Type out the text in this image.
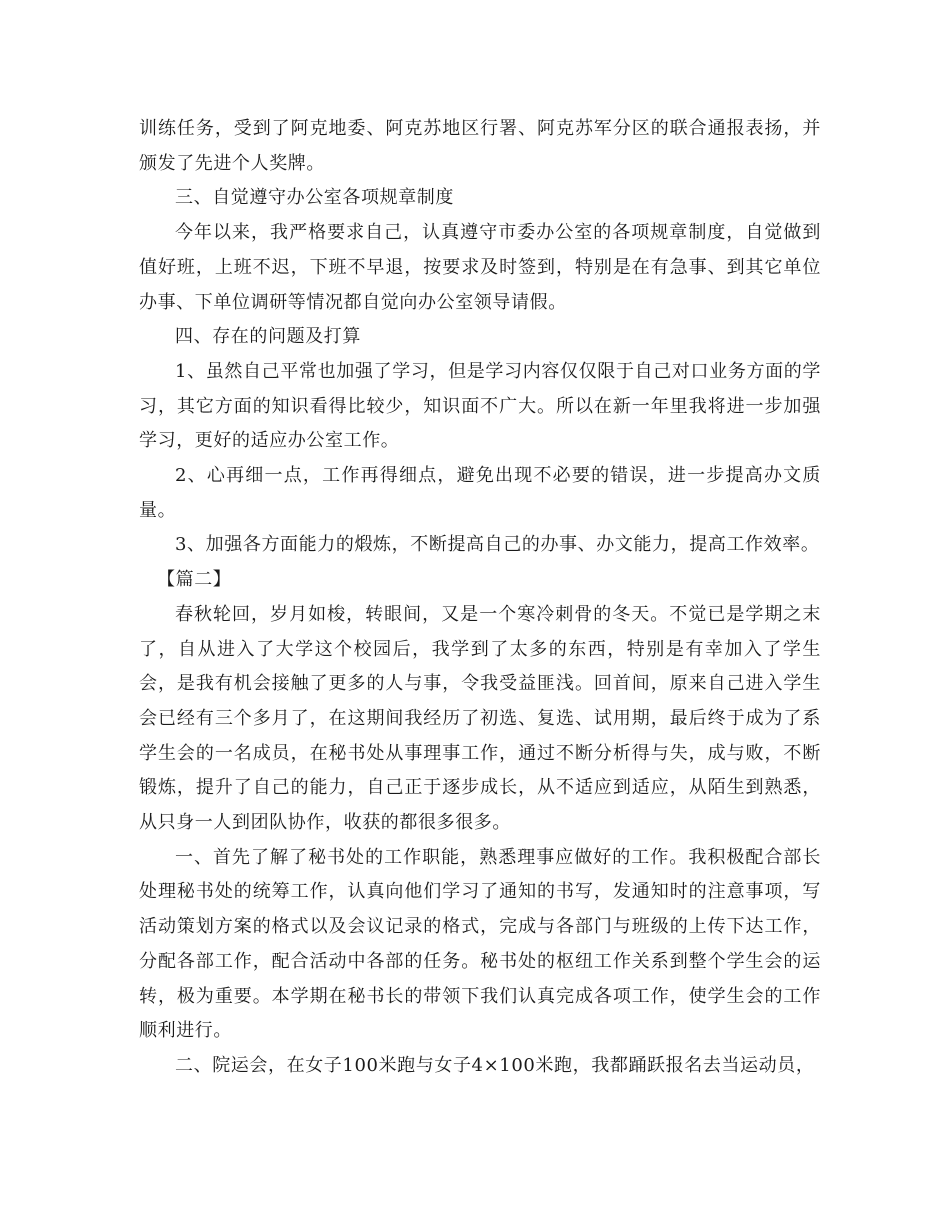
训练任务，受到了阿克地委、阿克苏地区行署、阿克苏军分区的联合通报表扬，并颁发了先进个人奖牌。

三、自觉遵守办公室各项规章制度

今年以来，我严格要求自己，认真遵守市委办公室的各项规章制度，自觉做到值好班，上班不迟，下班不早退，按要求及时签到，特别是在有急事、到其它单位办事、下单位调研等情况都自觉向办公室领导请假。

四、存在的问题及打算

1、虽然自己平常也加强了学习，但是学习内容仅仅限于自己对口业务方面的学习，其它方面的知识看得比较少，知识面不广大。所以在新一年里我将进一步加强学习，更好的适应办公室工作。

2、心再细一点，工作再得细点，避免出现不必要的错误，进一步提高办文质量。

3、加强各方面能力的煅炼，不断提高自己的办事、办文能力，提高工作效率。

【篇二】

春秋轮回，岁月如梭，转眼间，又是一个寒冷刺骨的冬天。不觉已是学期之末了，自从进入了大学这个校园后，我学到了太多的东西，特别是有幸加入了学生会，是我有机会接触了更多的人与事，令我受益匪浅。回首间，原来自己进入学生会已经有三个多月了，在这期间我经历了初选、复选、试用期，最后终于成为了系学生会的一名成员，在秘书处从事理事工作，通过不断分析得与失，成与败，不断锻炼，提升了自己的能力，自己正于逐步成长，从不适应到适应，从陌生到熟悉，从只身一人到团队协作，收获的都很多很多。

一、首先了解了秘书处的工作职能，熟悉理事应做好的工作。我积极配合部长处理秘书处的统筹工作，认真向他们学习了通知的书写，发通知时的注意事项，写活动策划方案的格式以及会议记录的格式，完成与各部门与班级的上传下达工作，分配各部工作，配合活动中各部的任务。秘书处的枢纽工作关系到整个学生会的运转，极为重要。本学期在秘书长的带领下我们认真完成各项工作，使学生会的工作顺利进行。

二、院运会，在女子100米跑与女子4×100米跑，我都踊跃报名去当运动员，
